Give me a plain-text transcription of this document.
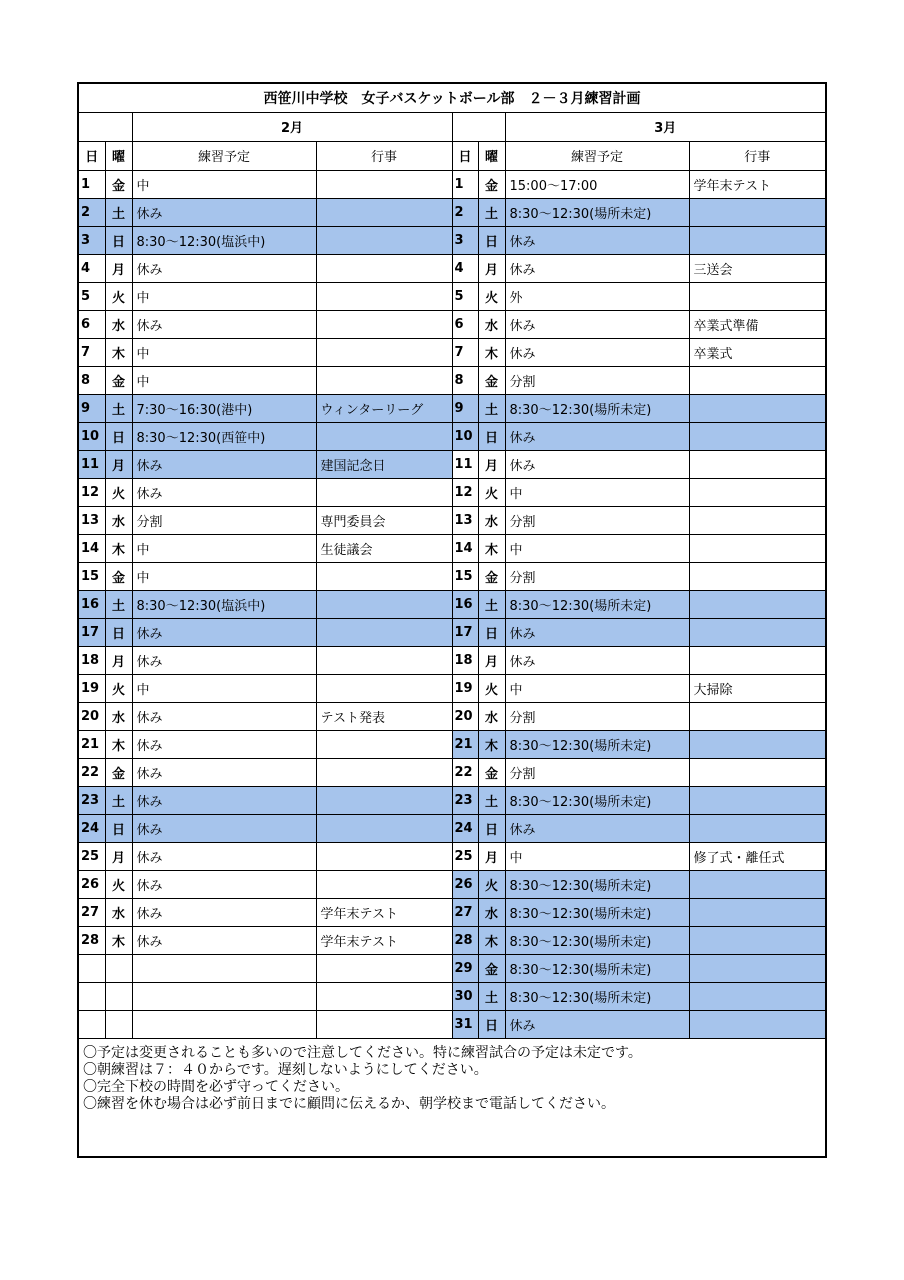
西笹川中学校　女子バスケットボール部　２－３月練習計画							
		2月				3月	
日	曜	練習予定	行事	日	曜	練習予定	行事
1	金	中		1	金	15:00～17:00	学年末テスト
2	土	休み		2	土	8:30～12:30(場所未定)	
3	日	8:30～12:30(塩浜中)		3	日	休み	
4	月	休み		4	月	休み	三送会
5	火	中		5	火	外	
6	水	休み		6	水	休み	卒業式準備
7	木	中		7	木	休み	卒業式
8	金	中		8	金	分割	
9	土	7:30～16:30(港中)	ウィンターリーグ	9	土	8:30～12:30(場所未定)	
10	日	8:30～12:30(西笹中)		10	日	休み	
11	月	休み	建国記念日	11	月	休み	
12	火	休み		12	火	中	
13	水	分割	専門委員会	13	水	分割	
14	木	中	生徒議会	14	木	中	
15	金	中		15	金	分割	
16	土	8:30～12:30(塩浜中)		16	土	8:30～12:30(場所未定)	
17	日	休み		17	日	休み	
18	月	休み		18	月	休み	
19	火	中		19	火	中	大掃除
20	水	休み	テスト発表	20	水	分割	
21	木	休み		21	木	8:30～12:30(場所未定)	
22	金	休み		22	金	分割	
23	土	休み		23	土	8:30～12:30(場所未定)	
24	日	休み		24	日	休み	
25	月	休み		25	月	中	修了式・離任式
26	火	休み		26	火	8:30～12:30(場所未定)	
27	水	休み	学年末テスト	27	水	8:30～12:30(場所未定)	
28	木	休み	学年末テスト	28	木	8:30～12:30(場所未定)	
				29	金	8:30～12:30(場所未定)	
				30	土	8:30～12:30(場所未定)	
				31	日	休み	
〇予定は変更されることも多いので注意してください。特に練習試合の予定は未定です。
〇朝練習は７：４０からです。遅刻しないようにしてください。
〇完全下校の時間を必ず守ってください。
〇練習を休む場合は必ず前日までに顧問に伝えるか、朝学校まで電話してください。
